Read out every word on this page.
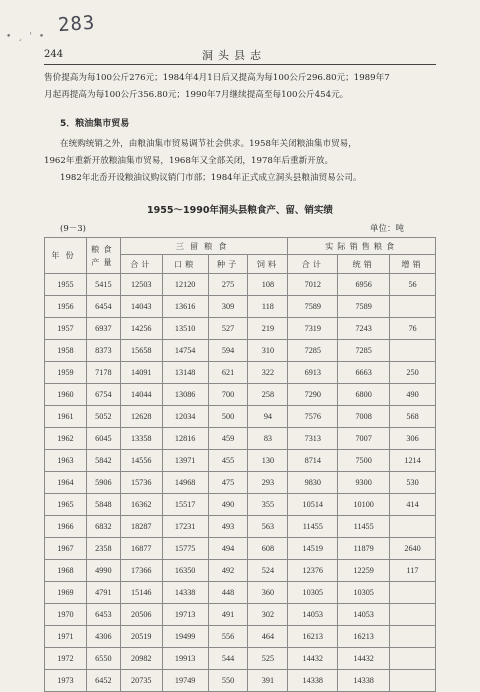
283
• ¸ ' •
244	洞头县志

售价提高为每100公斤276元；1984年4月1日后又提高为每100公斤296.80元；1989年7

月起再提高为每100公斤356.80元；1990年7月继续提高至每100公斤454元。

5．粮油集市贸易

在统购统销之外，由粮油集市贸易调节社会供求。1958年关闭粮油集市贸易，

1962年重新开放粮油集市贸易，1968年又全部关闭，1978年后重新开放。

1982年北岙开设粮油议购议销门市部；1984年正式成立洞头县粮油贸易公司。

1955～1990年洞头县粮食产、留、销实绩
(9－3)	单位：吨
年份	粮食产量	三留粮食				实际销售粮食		
		合计	口粮	种子	饲料	合计	统销	增销
1955	5415	12503	12120	275	108	7012	6956	56
1956	6454	14043	13616	309	118	7589	7589	
1957	6937	14256	13510	527	219	7319	7243	76
1958	8373	15658	14754	594	310	7285	7285	
1959	7178	14091	13148	621	322	6913	6663	250
1960	6754	14044	13086	700	258	7290	6800	490
1961	5052	12628	12034	500	94	7576	7008	568
1962	6045	13358	12816	459	83	7313	7007	306
1963	5842	14556	13971	455	130	8714	7500	1214
1964	5906	15736	14968	475	293	9830	9300	530
1965	5848	16362	15517	490	355	10514	10100	414
1966	6832	18287	17231	493	563	11455	11455	
1967	2358	16877	15775	494	608	14519	11879	2640
1968	4990	17366	16350	492	524	12376	12259	117
1969	4791	15146	14338	448	360	10305	10305	
1970	6453	20506	19713	491	302	14053	14053	
1971	4306	20519	19499	556	464	16213	16213	
1972	6550	20982	19913	544	525	14432	14432	
1973	6452	20735	19749	550	391	14338	14338	
